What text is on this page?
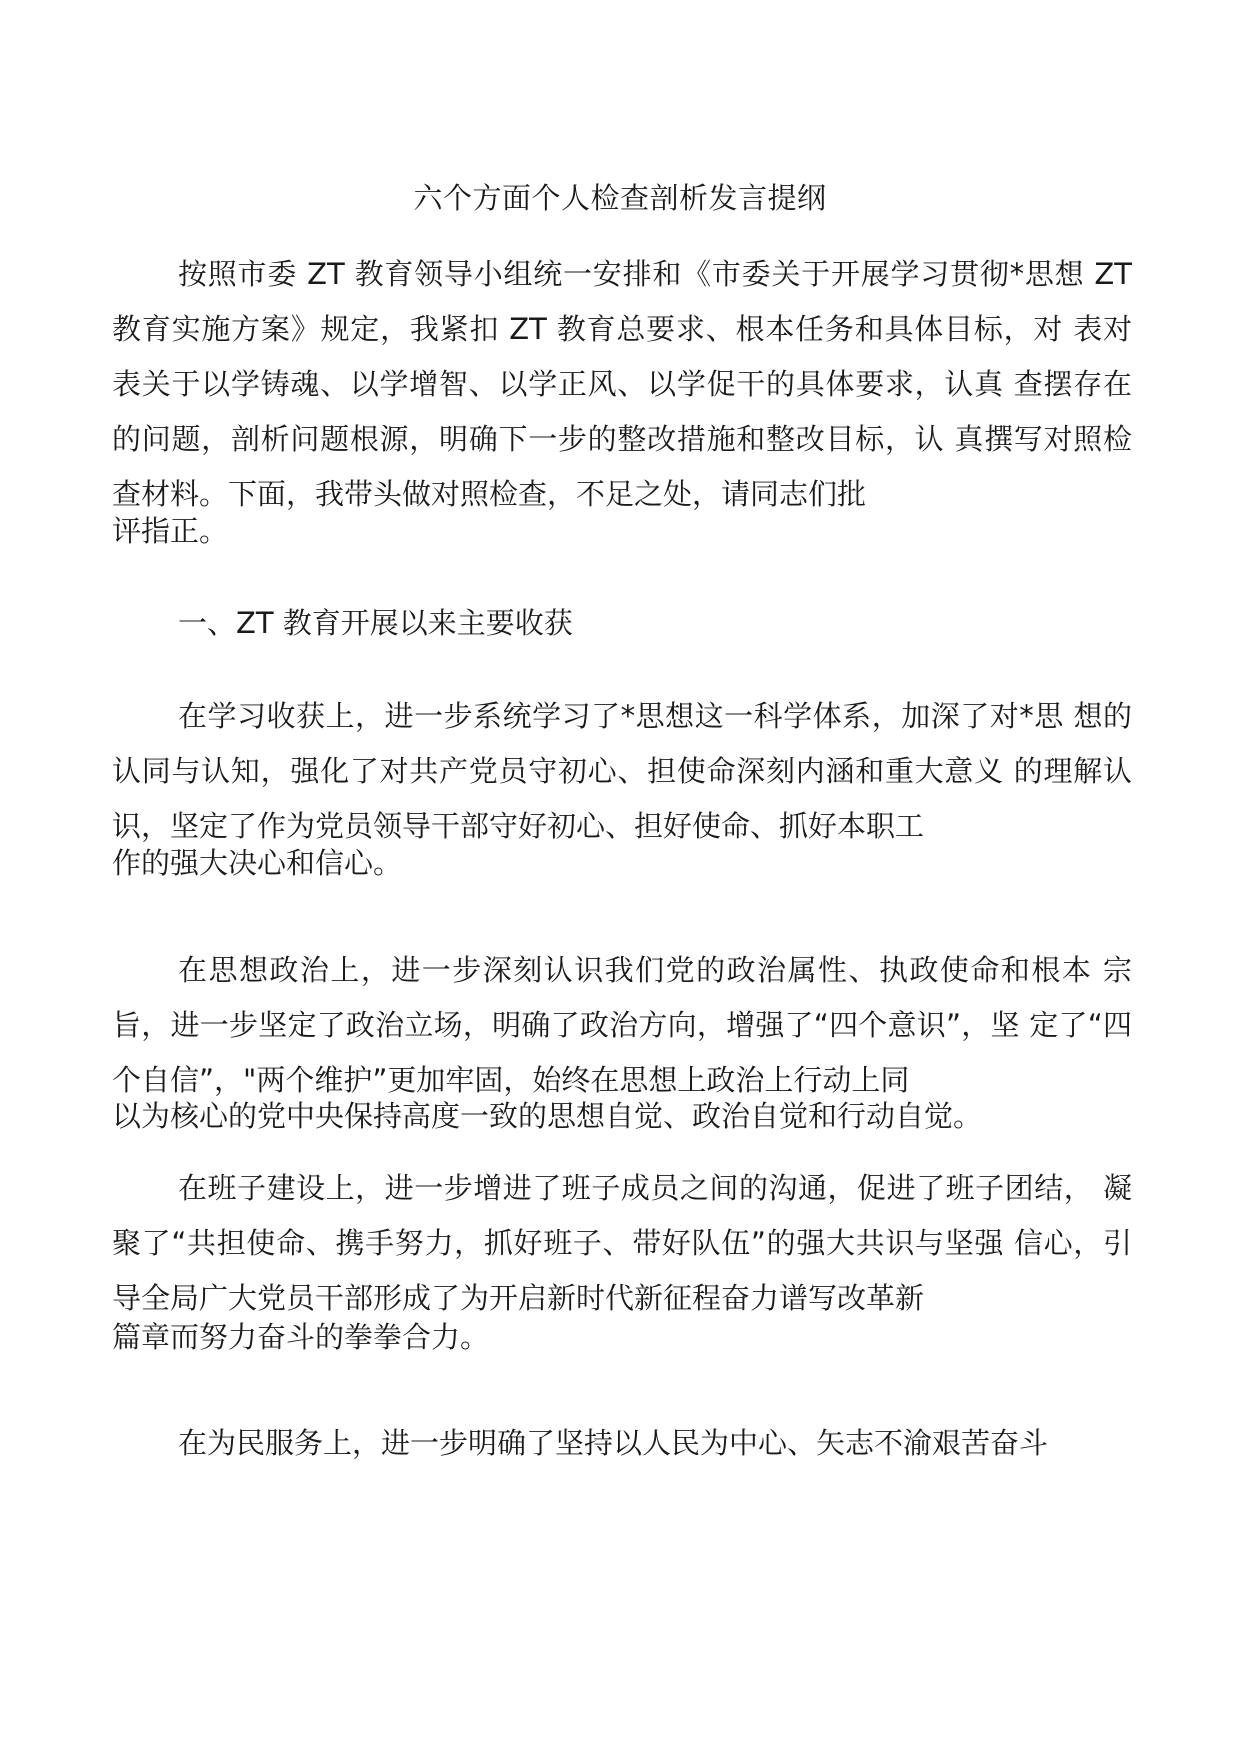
六个方面个人检查剖析发言提纲

按照市委 ZT 教育领导小组统一安排和《市委关于开展学习贯彻*思想 ZT 教育实施方案》规定，我紧扣 ZT 教育总要求、根本任务和具体目标，对 表对表关于以学铸魂、以学增智、以学正风、以学促干的具体要求，认真 查摆存在的问题，剖析问题根源，明确下一步的整改措施和整改目标，认 真撰写对照检查材料。下面，我带头做对照检查，不足之处，请同志们批

评指正。

一、ZT 教育开展以来主要收获

在学习收获上，进一步系统学习了*思想这一科学体系，加深了对*思 想的认同与认知，强化了对共产党员守初心、担使命深刻内涵和重大意义 的理解认识，坚定了作为党员领导干部守好初心、担好使命、抓好本职工

作的强大决心和信心。

在思想政治上，进一步深刻认识我们党的政治属性、执政使命和根本 宗旨，进一步坚定了政治立场，明确了政治方向，增强了“四个意识”，坚 定了“四个自信”，"两个维护”更加牢固，始终在思想上政治上行动上同

以为核心的党中央保持高度一致的思想自觉、政治自觉和行动自觉。

在班子建设上，进一步增进了班子成员之间的沟通，促进了班子团结， 凝聚了“共担使命、携手努力，抓好班子、带好队伍”的强大共识与坚强 信心，引导全局广大党员干部形成了为开启新时代新征程奋力谱写改革新

篇章而努力奋斗的拳拳合力。

在为民服务上，进一步明确了坚持以人民为中心、矢志不渝艰苦奋斗
